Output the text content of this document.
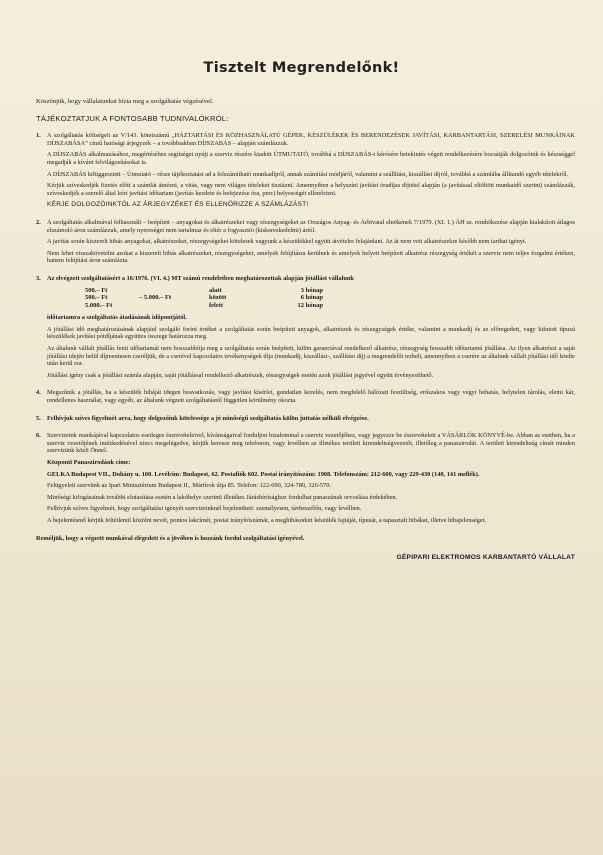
Tisztelt Megrendelőnk!

Köszönjük, hogy vállalatunkat bízta meg a szolgáltatás végzésével.

TÁJÉKOZTATJUK A FONTOSABB TUDNIVALÓKRÓL:

1. A szolgáltatás költségeit az V/143. kötetszámú „HÁZTARTÁSI ÉS KÖZHASZNÁLATÚ GÉPEK, KÉSZÜLÉKEK ÉS BERENDEZÉSEK JAVÍTÁSI, KARBANTARTÁSI, SZERELÉSI MUNKÁINAK DÍJSZABÁSA” című hatósági árjegyzék – a továbbiakban DÍJSZABÁS – alapján számlázzuk.

A DÍJSZABÁS alkalmazásához, megértéséhez segítséget nyújt a szerviz részére kiadott ÚTMUTATÓ, továbbá a DÍJSZABÁS-t kérésére betekintés végett rendelkezésére bocsátják dolgozóink és készséggel megadják a kívánt felvilágosításokat is.

A DÍJSZABÁS kifüggesztett – Útmutató – része tájékoztatást ad a felszámítható munkadíjról, annak számítási módjáról, valamint a szállítási, kiszállási díjról, továbbá a számlába állítandó egyéb tételekről.

Kérjük szíveskedjék fizetés előtt a számlát átnézni, a vitás, vagy nem világos tételeket tisztázni. Amennyiben a helyszíni javítást óradíjas díjtétel alapján (a javítással eltöltött munkaidő szerint) számlázzák, szíveskedjék a szerelő által leírt javítási időtartam (javítás kezdete és befejezése óra, perc) helyességét ellenőrizni.

KÉRJE DOLGOZÓINKTÓL AZ ÁRJEGYZÉKET ÉS ELLENŐRIZZE A SZÁMLÁZÁST!

2. A szolgáltatás alkalmával felhasznált – beépített – anyagokat és alkatrészeket vagy részegységeket az Országos Anyag- és Árhivatal elnökének 7/1979. (XI. 1.) ÁH sz. rendelkezése alapján kialakított átlagos elszámoló áron számlázzuk, amely nyereséget nem tartalmaz és eltér a fogyasztói (kiskereskedelmi) ártól.

A javítás során kiszerelt hibás anyagokat, alkatrészeket, részegységeket kötelesek vagyunk a készülékkel együtt átvételre felajánlani. Az át nem vett alkatrészekre később nem tarthat igényt.

Nem lehet visszakövetelni azokat a kiszerelt hibás alkatrészeket, részegységeket, amelyek felújításra kerülnek és amelyek helyett beépített alkatrész részegység értékét a szerviz nem teljes forgalmi értéken, hanem felújítási áron számlázta.

3. Az elvégzett szolgáltatásért a 16/1976. (VI. 4.) MT számú rendeletben meghatározottak alapján jótállást vállalunk

500.– Ft	alatt	3 hónap
500.– Ft	– 5.000.– Ft	között	6 hónap
5.000.– Ft	felett	12 hónap

időtartamra a szolgáltatás átadásának időpontjától.

A jótállási idő meghatározásának alapjául szolgáló forint értéket a szolgáltatás során beépített anyagok, alkatrészek és részegységek értéke, valamint a munkadíj és az előregedett, vagy kifutott típusú készülékek javítási pótdíjának együttes összege határozza meg.

Az általunk vállalt jótállás fenti időtartamát nem hosszabbítja meg a szolgáltatás során beépített, külön garanciával rendelkező alkatrész, részegység hosszabb időtartamú jótállása. Az ilyen alkatrészt a saját jótállási idején belül díjmentesen cseréljük, de a cserével kapcsolatos tevékenységek díja (munkadíj, kiszállási-, szállítási díj) a megrendelőt terheli, amennyiben a cserére az általunk vállalt jótállási idő letelte után kerül sor.

Jótállási igény csak a jótállási számla alapján, saját jótállással rendelkező alkatrészek, részegységek esetén azok jótállási jegyével együtt érvényesíthető.

4. Megszűnik a jótállás, ha a készülék hibáját idegen beavatkozás, vagy javítási kísérlet, gondatlan kezelés, nem megfelelő hálózati feszültség, erőszakos vagy vegyi behatás, helytelen tárolás, elemi kár, rendellenes használat, vagy egyéb, az általunk végzett szolgáltatástól független körülmény okozta.

5. Felhívjuk szíves figyelmét arra, hogy dolgozóink kötelessége a jó minőségű szolgáltatás külön juttatás nélküli elvégzése.

6. Szervizeink munkájával kapcsolatos esetleges észrevételeivel, kívánságaival forduljon bizalommal a szerviz vezetőjéhez, vagy jegyezze be észrevételeit a VÁSÁRLÓK KÖNYVÉ-be. Abban az esetben, ha a szerviz vezetőjének intézkedésével nincs megelégedve, kérjük keresse meg telefonon, vagy levélben az illetékes területi kirendeltségvezetőt, illetőleg a panaszirodát. A területi kirendeltség címét minden szervizünk közli Önnel.

Központi Panaszirodánk címe:

GELKA Budapest VII., Dohány u. 100. Levélcím: Budapest, 62. Postafiók 602. Postai irányítószám: 1908. Telefonszám: 212-600, vagy 229-430 (140, 141 mellék).

Felügyeleti szervünk az Ipari Minisztérium Budapest II., Mártírok útja 85. Telefon: 122-690, 324-780, 326-570.

Minőségi kifogásainak további elutasítása esetén a lakóhelye szerinti illetékes Járásbírósághoz fordulhat panaszának orvoslása érdekében.

Felhívjuk szíves figyelmét, hogy szolgáltatási igényét szervizeinknél bejelentheti: személyesen, távbeszélőn, vagy levélben.

A bejelentésnél kérjük feltétlenül közölni nevét, pontos lakcímét, postai irányítószámát, a meghibásodott készülék fajtáját, típusát, a tapasztalt hibákat, illetve hibajelenséget.

Reméljük, hogy a végzett munkával elégedett és a jövőben is hozzánk fordul szolgáltatási igényével.

GÉPIPARI ELEKTROMOS KARBANTARTÓ VÁLLALAT
